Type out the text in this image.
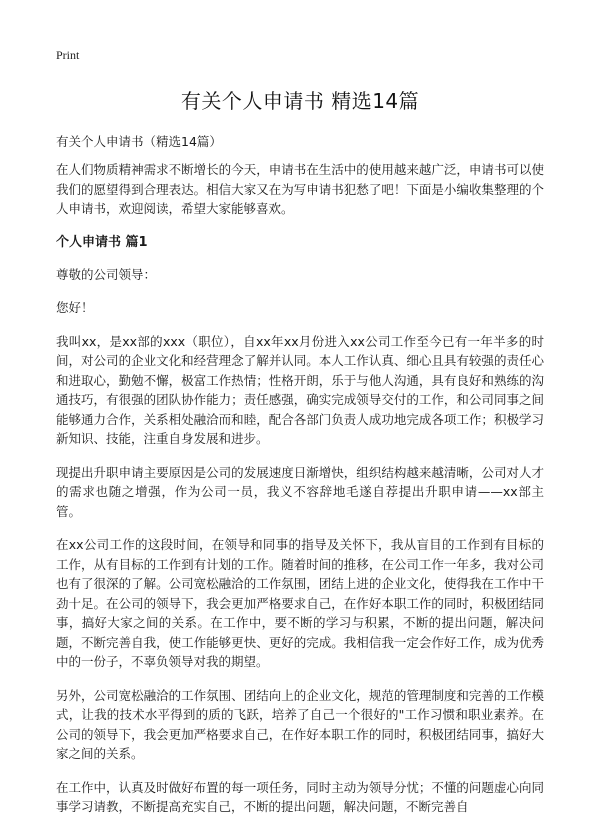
Print
有关个人申请书 精选14篇
有关个人申请书（精选14篇）

在人们物质精神需求不断增长的今天，申请书在生活中的使用越来越广泛，申请书可以使我们的愿望得到合理表达。相信大家又在为写申请书犯愁了吧！下面是小编收集整理的个人申请书，欢迎阅读，希望大家能够喜欢。

个人申请书 篇1

尊敬的公司领导：

您好！

我叫xx，是xx部的xxx（职位），自xx年xx月份进入xx公司工作至今已有一年半多的时间，对公司的企业文化和经营理念了解并认同。本人工作认真、细心且具有较强的责任心和进取心，勤勉不懈，极富工作热情；性格开朗，乐于与他人沟通，具有良好和熟练的沟通技巧，有很强的团队协作能力；责任感强，确实完成领导交付的工作，和公司同事之间能够通力合作，关系相处融洽而和睦，配合各部门负责人成功地完成各项工作；积极学习新知识、技能，注重自身发展和进步。

现提出升职申请主要原因是公司的发展速度日渐增快，组织结构越来越清晰，公司对人才的需求也随之增强，作为公司一员，我义不容辞地毛遂自荐提出升职申请——xx部主管。

在xx公司工作的这段时间，在领导和同事的指导及关怀下，我从盲目的工作到有目标的工作，从有目标的工作到有计划的工作。随着时间的推移，在公司工作一年多，我对公司也有了很深的了解。公司宽松融洽的工作氛围，团结上进的企业文化，使得我在工作中干劲十足。在公司的领导下，我会更加严格要求自己，在作好本职工作的同时，积极团结同事，搞好大家之间的关系。在工作中，要不断的学习与积累，不断的提出问题，解决问题，不断完善自我，使工作能够更快、更好的完成。我相信我一定会作好工作，成为优秀中的一份子，不辜负领导对我的期望。

另外，公司宽松融洽的工作氛围、团结向上的企业文化，规范的管理制度和完善的工作模式，让我的技术水平得到的质的飞跃，培养了自己一个很好的"工作习惯和职业素养。在公司的领导下，我会更加严格要求自己，在作好本职工作的同时，积极团结同事，搞好大家之间的关系。

在工作中，认真及时做好布置的每一项任务，同时主动为领导分忧；不懂的问题虚心向同事学习请教，不断提高充实自己，不断的提出问题，解决问题，不断完善自
